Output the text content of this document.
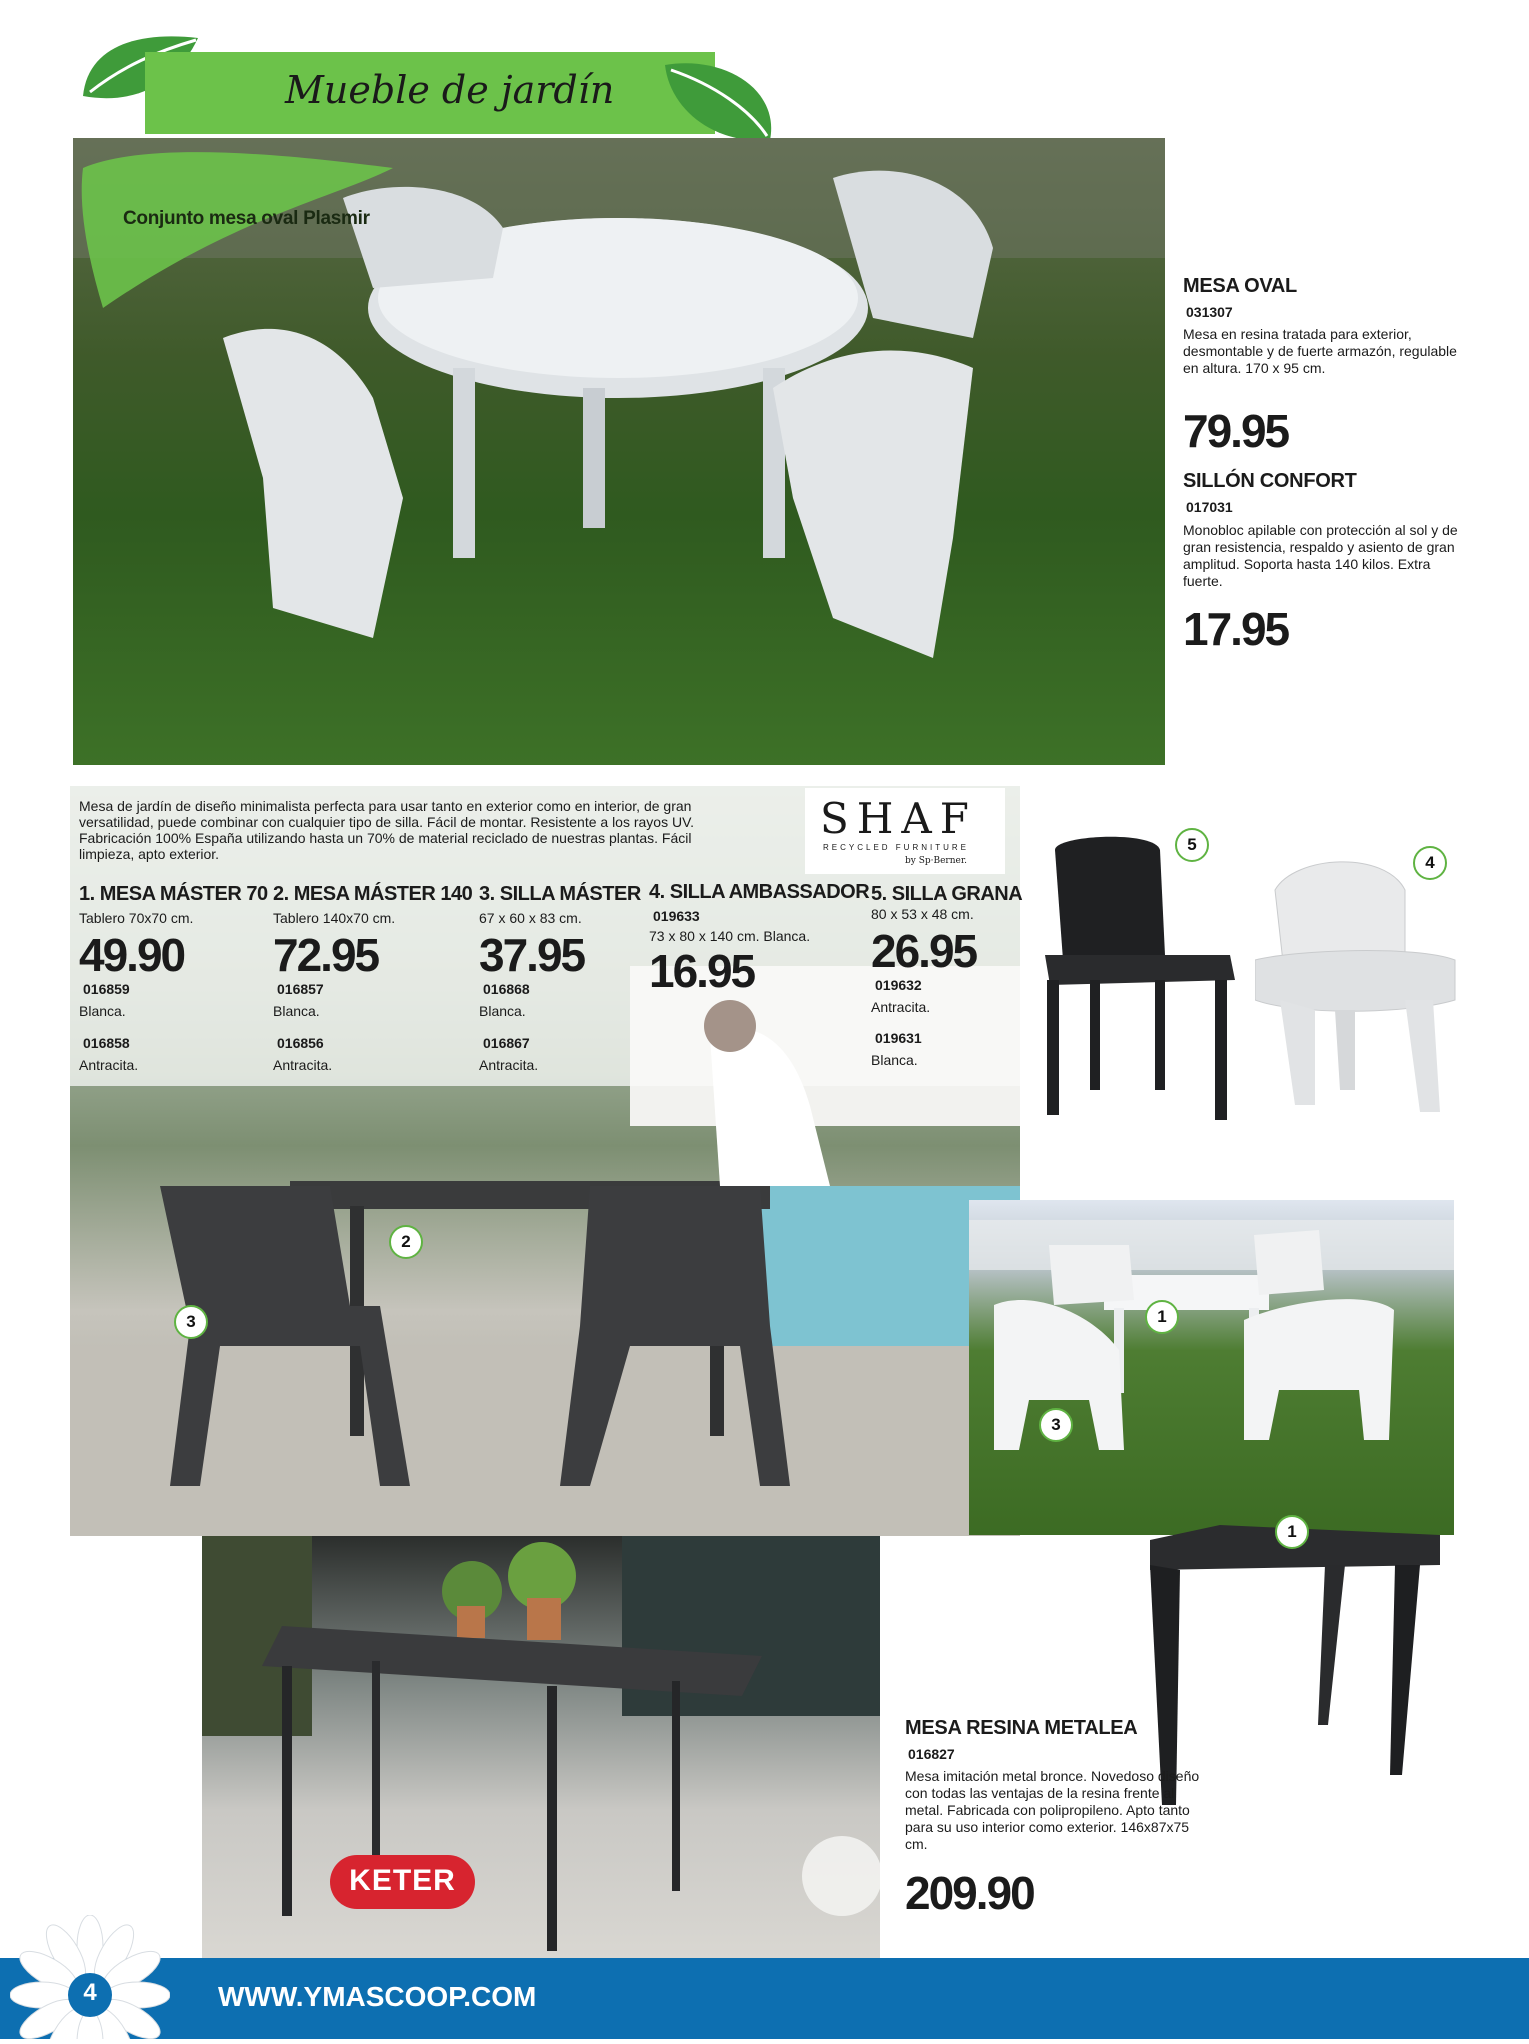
Mueble de jardín
Conjunto mesa oval Plasmir
MESA OVAL
031307
Mesa en resina tratada para exterior, desmontable y de fuerte armazón, regulable en altura. 170 x 95 cm.
79.95
SILLÓN CONFORT
017031
Monobloc apilable con protección al sol y de gran resistencia, respaldo y asiento de gran amplitud. Soporta hasta 140 kilos. Extra fuerte.
17.95
Mesa de jardín de diseño minimalista perfecta para usar tanto en exterior como en interior, de gran versatilidad, puede combinar con cualquier tipo de silla. Fácil de montar. Resistente a los rayos UV. Fabricación 100% España utilizando hasta un 70% de material reciclado de nuestras plantas. Fácil limpieza, apto exterior.
SHAF
RECYCLED FURNITURE
by Sp·Berner.
1. MESA MÁSTER 70
Tablero 70x70 cm.
49.90
016859
Blanca.
016858
Antracita.
2. MESA MÁSTER 140
Tablero 140x70 cm.
72.95
016857
Blanca.
016856
Antracita.
3. SILLA MÁSTER
67 x 60 x 83 cm.
37.95
016868
Blanca.
016867
Antracita.
4. SILLA AMBASSADOR
019633
73 x 80 x 140 cm. Blanca.
16.95
5. SILLA GRANA
80 x 53 x 48 cm.
26.95
019632
Antracita.
019631
Blanca.
2
3
5
4
1
3
1
KETER
MESA RESINA METALEA
016827
Mesa imitación metal bronce. Novedoso diseño con todas las ventajas de la resina frente al metal. Fabricada con polipropileno. Apto tanto para su uso interior como exterior. 146x87x75 cm.
209.90
4	WWW.YMASCOOP.COM
